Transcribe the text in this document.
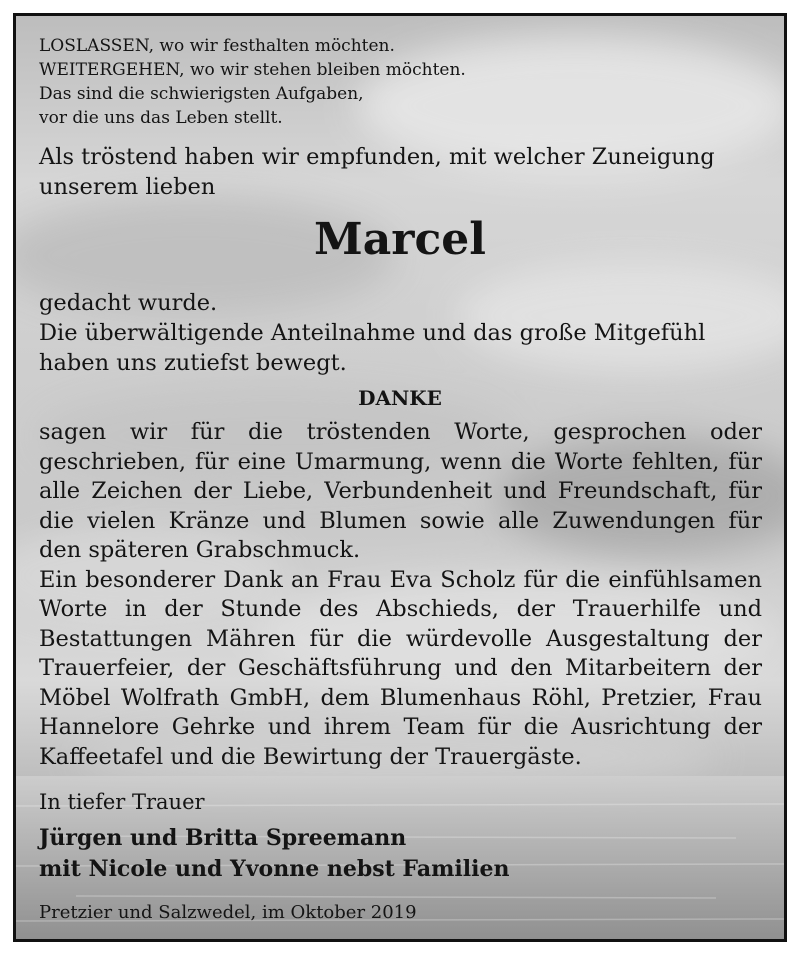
LOSLASSEN, wo wir festhalten möchten.
WEITERGEHEN, wo wir stehen bleiben möchten.
Das sind die schwierigsten Aufgaben,
vor die uns das Leben stellt.

Als tröstend haben wir empfunden, mit welcher Zuneigung unserem lieben

Marcel

gedacht wurde.
Die überwältigende Anteilnahme und das große Mitgefühl haben uns zutiefst bewegt.

DANKE

sagen wir für die tröstenden Worte, gesprochen oder geschrieben, für eine Umarmung, wenn die Worte fehlten, für alle Zeichen der Liebe, Verbundenheit und Freundschaft, für die vielen Kränze und Blumen sowie alle Zuwendungen für den späteren Grabschmuck.
Ein besonderer Dank an Frau Eva Scholz für die einfühlsamen Worte in der Stunde des Abschieds, der Trauerhilfe und Bestattungen Mähren für die würdevolle Ausgestaltung der Trauerfeier, der Geschäftsführung und den Mitarbeitern der Möbel Wolfrath GmbH, dem Blumenhaus Röhl, Pretzier, Frau Hannelore Gehrke und ihrem Team für die Ausrichtung der Kaffeetafel und die Bewirtung der Trauergäste.

In tiefer Trauer

Jürgen und Britta Spreemann
mit Nicole und Yvonne nebst Familien

Pretzier und Salzwedel, im Oktober 2019
